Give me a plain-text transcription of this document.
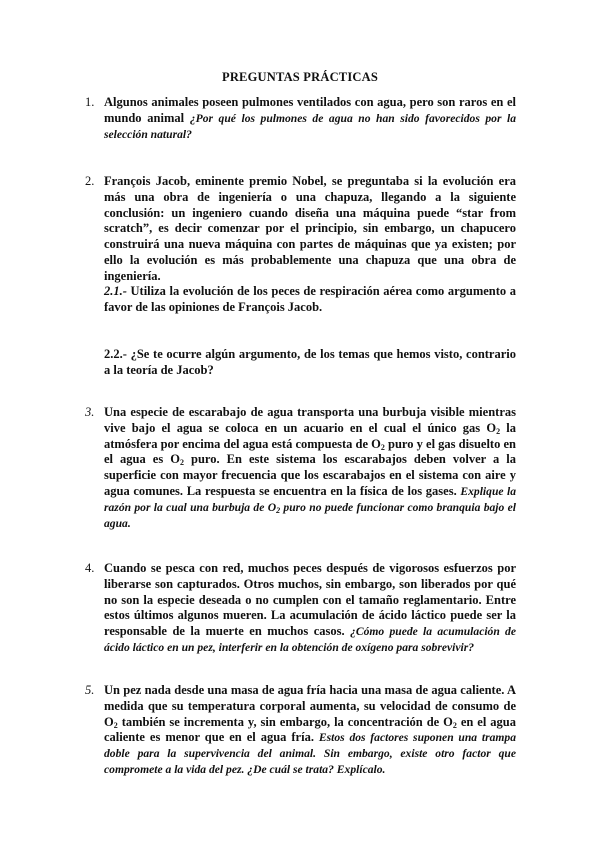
PREGUNTAS PRÁCTICAS
1. Algunos animales poseen pulmones ventilados con agua, pero son raros en el mundo animal ¿Por qué los pulmones de agua no han sido favorecidos por la selección natural?

2. François Jacob, eminente premio Nobel, se preguntaba si la evolución era más una obra de ingeniería o una chapuza, llegando a la siguiente conclusión: un ingeniero cuando diseña una máquina puede “star from scratch”, es decir comenzar por el principio, sin embargo, un chapucero construirá una nueva máquina con partes de máquinas que ya existen; por ello la evolución es más probablemente una chapuza que una obra de ingeniería.

2.1.- Utiliza la evolución de los peces de respiración aérea como argumento a favor de las opiniones de François Jacob.

2.2.- ¿Se te ocurre algún argumento, de los temas que hemos visto, contrario a la teoría de Jacob?

3. Una especie de escarabajo de agua transporta una burbuja visible mientras vive bajo el agua se coloca en un acuario en el cual el único gas $O_2$ la atmósfera por encima del agua está compuesta de $O_2$ puro y el gas disuelto en el agua es $O_2$ puro. En este sistema los escarabajos deben volver a la superficie con mayor frecuencia que los escarabajos en el sistema con aire y agua comunes. La respuesta se encuentra en la física de los gases. Explique la razón por la cual una burbuja de $O_2$ puro no puede funcionar como branquia bajo el agua.

4. Cuando se pesca con red, muchos peces después de vigorosos esfuerzos por liberarse son capturados. Otros muchos, sin embargo, son liberados por qué no son la especie deseada o no cumplen con el tamaño reglamentario. Entre estos últimos algunos mueren. La acumulación de ácido láctico puede ser la responsable de la muerte en muchos casos. ¿Cómo puede la acumulación de ácido láctico en un pez, interferir en la obtención de oxígeno para sobrevivir?

5. Un pez nada desde una masa de agua fría hacia una masa de agua caliente. A medida que su temperatura corporal aumenta, su velocidad de consumo de $O_2$ también se incrementa y, sin embargo, la concentración de $O_2$ en el agua caliente es menor que en el agua fría. Estos dos factores suponen una trampa doble para la supervivencia del animal. Sin embargo, existe otro factor que compromete a la vida del pez. ¿De cuál se trata? Explícalo.
